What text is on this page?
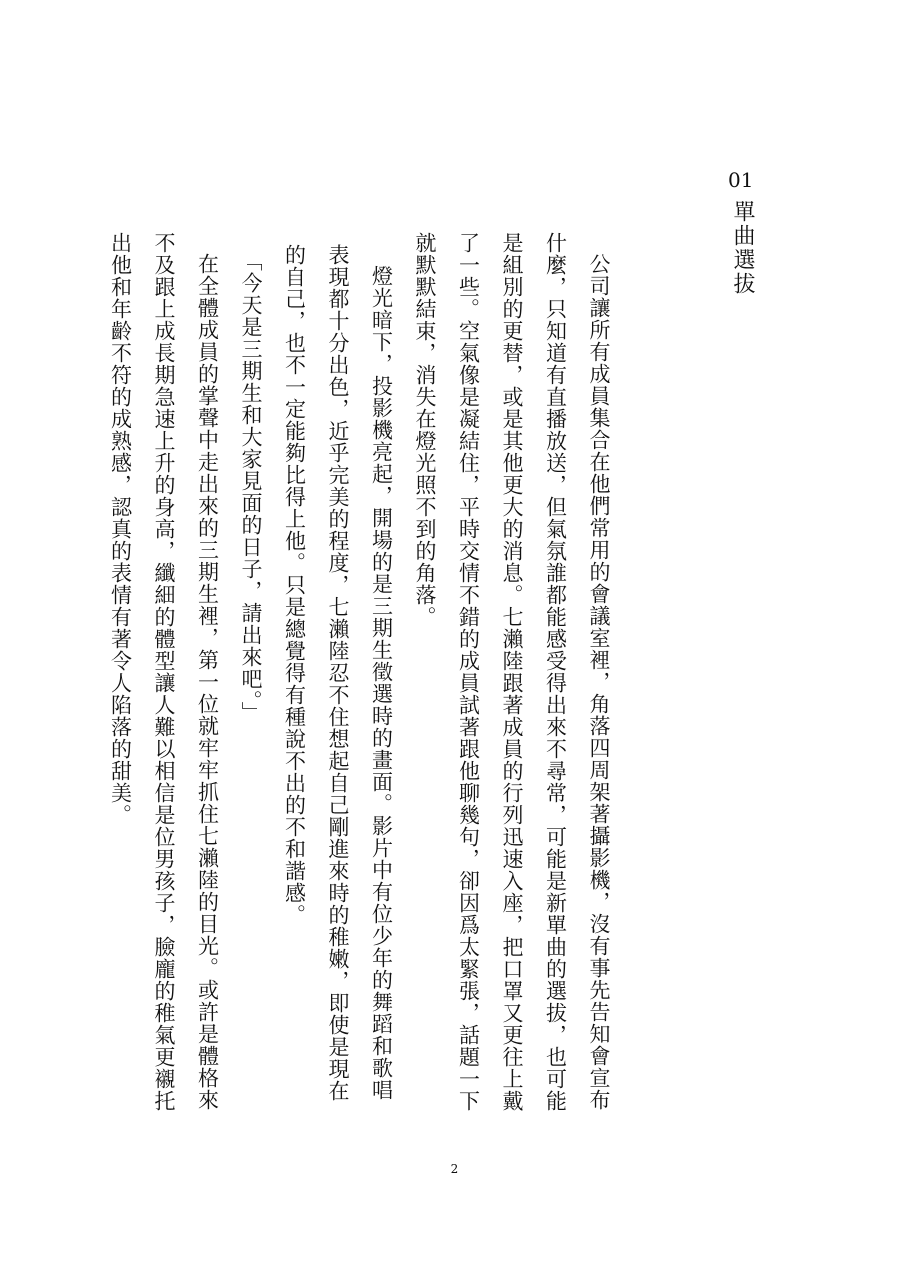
01
單曲選拔

公司讓所有成員集合在他們常用的會議室裡，角落四周架著攝影機，沒有事先告知會宣布什麼，只知道有直播放送，但氣氛誰都能感受得出來不尋常，可能是新單曲的選拔，也可能是組別的更替，或是其他更大的消息。七瀨陸跟著成員的行列迅速入座，把口罩又更往上戴了一些。空氣像是凝結住，平時交情不錯的成員試著跟他聊幾句，卻因爲太緊張，話題一下就默默結束，消失在燈光照不到的角落。

燈光暗下，投影機亮起，開場的是三期生徵選時的畫面。影片中有位少年的舞蹈和歌唱表現都十分出色，近乎完美的程度，七瀨陸忍不住想起自己剛進來時的稚嫩，即使是現在的自己，也不一定能夠比得上他。只是總覺得有種說不出的不和諧感。

「今天是三期生和大家見面的日子，請出來吧。」

在全體成員的掌聲中走出來的三期生裡，第一位就牢牢抓住七瀨陸的目光。或許是體格來不及跟上成長期急速上升的身高，纖細的體型讓人難以相信是位男孩子，臉龐的稚氣更襯托出他和年齡不符的成熟感，認真的表情有著令人陷落的甜美。

2
